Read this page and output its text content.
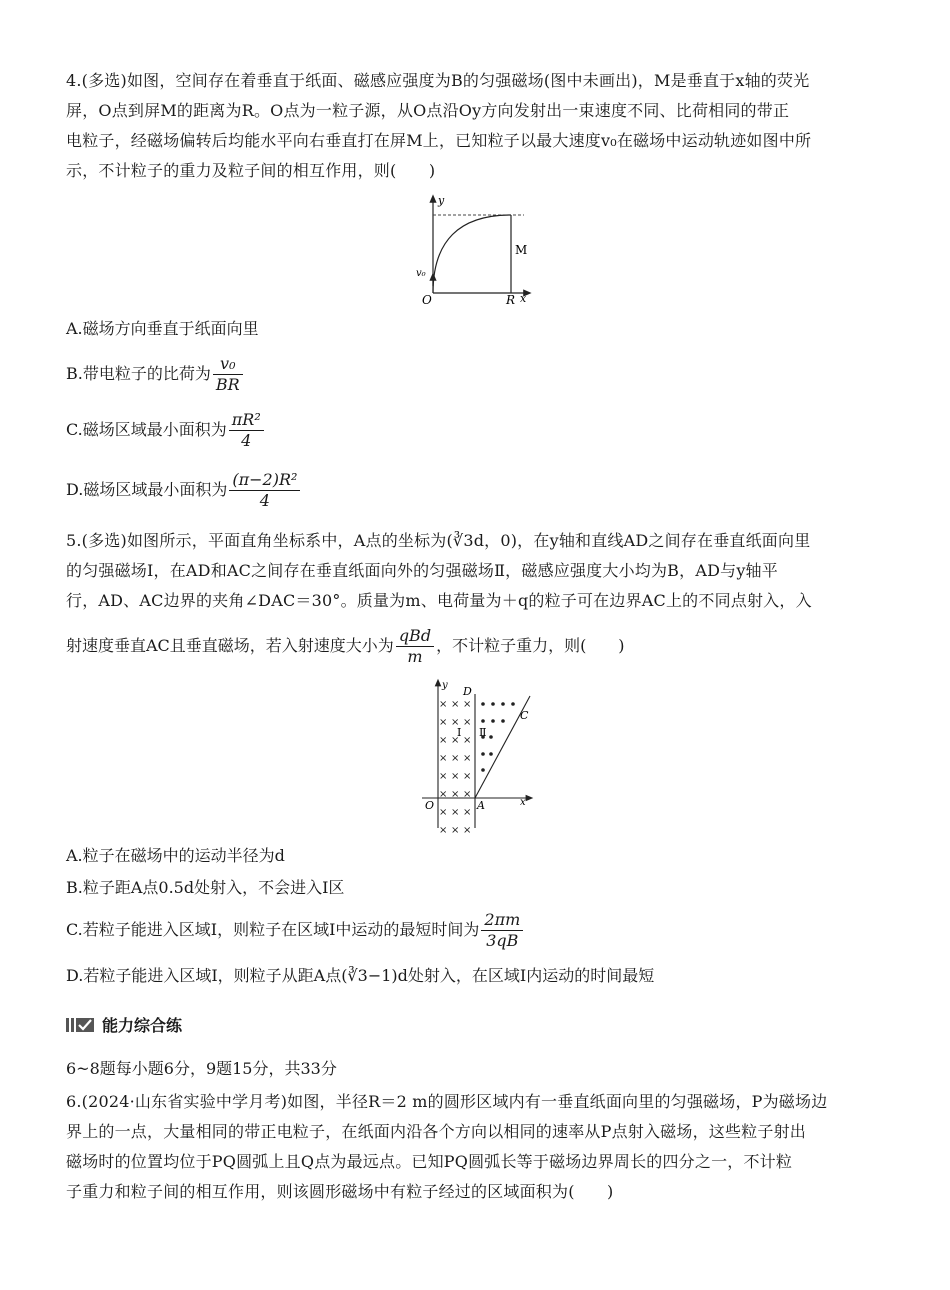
4.(多选)如图，空间存在着垂直于纸面、磁感应强度为B的匀强磁场(图中未画出)，M是垂直于x轴的荧光
屏，O点到屏M的距离为R。O点为一粒子源，从O点沿Oy方向发射出一束速度不同、比荷相同的带正
电粒子，经磁场偏转后均能水平向右垂直打在屏M上，已知粒子以最大速度v₀在磁场中运动轨迹如图中所
示，不计粒子的重力及粒子间的相互作用，则(　　)
y
M
v₀
O	R x
A.磁场方向垂直于纸面向里
B.带电粒子的比荷为 $\frac{\text{v₀}}{BR}$
C.磁场区域最小面积为 $\frac{\text{πR²}}{4}$
D.磁场区域最小面积为 $\frac{\text{(π−2)R²}}{4}$
5.(多选)如图所示，平面直角坐标系中，A点的坐标为(∛3d，0)，在y轴和直线AD之间存在垂直纸面向里
的匀强磁场Ⅰ，在AD和AC之间存在垂直纸面向外的匀强磁场Ⅱ，磁感应强度大小均为B，AD与y轴平
行，AD、AC边界的夹角∠DAC＝30°。质量为m、电荷量为＋q的粒子可在边界AC上的不同点射入，入
射速度垂直AC且垂直磁场，若入射速度大小为 $\frac{\text{qBd}}{m}$ ，不计粒子重力，则(　　)
× × ×
× × ×
× × ×
× × ×
× × ×
× × ×
× × ×
× × ×
y D
C
Ⅰ Ⅱ
O	A	x
A.粒子在磁场中的运动半径为d
B.粒子距A点0.5d处射入，不会进入Ⅰ区
C.若粒子能进入区域Ⅰ，则粒子在区域Ⅰ中运动的最短时间为 $\frac{2\pi m}{3qB}$
D.若粒子能进入区域Ⅰ，则粒子从距A点(∛3−1)d处射入，在区域Ⅰ内运动的时间最短
能力综合练
6~8题每小题6分，9题15分，共33分
6.(2024·山东省实验中学月考)如图，半径R＝2 m的圆形区域内有一垂直纸面向里的匀强磁场，P为磁场边
界上的一点，大量相同的带正电粒子，在纸面内沿各个方向以相同的速率从P点射入磁场，这些粒子射出
磁场时的位置均位于PQ圆弧上且Q点为最远点。已知PQ圆弧长等于磁场边界周长的四分之一，不计粒
子重力和粒子间的相互作用，则该圆形磁场中有粒子经过的区域面积为(　　)
